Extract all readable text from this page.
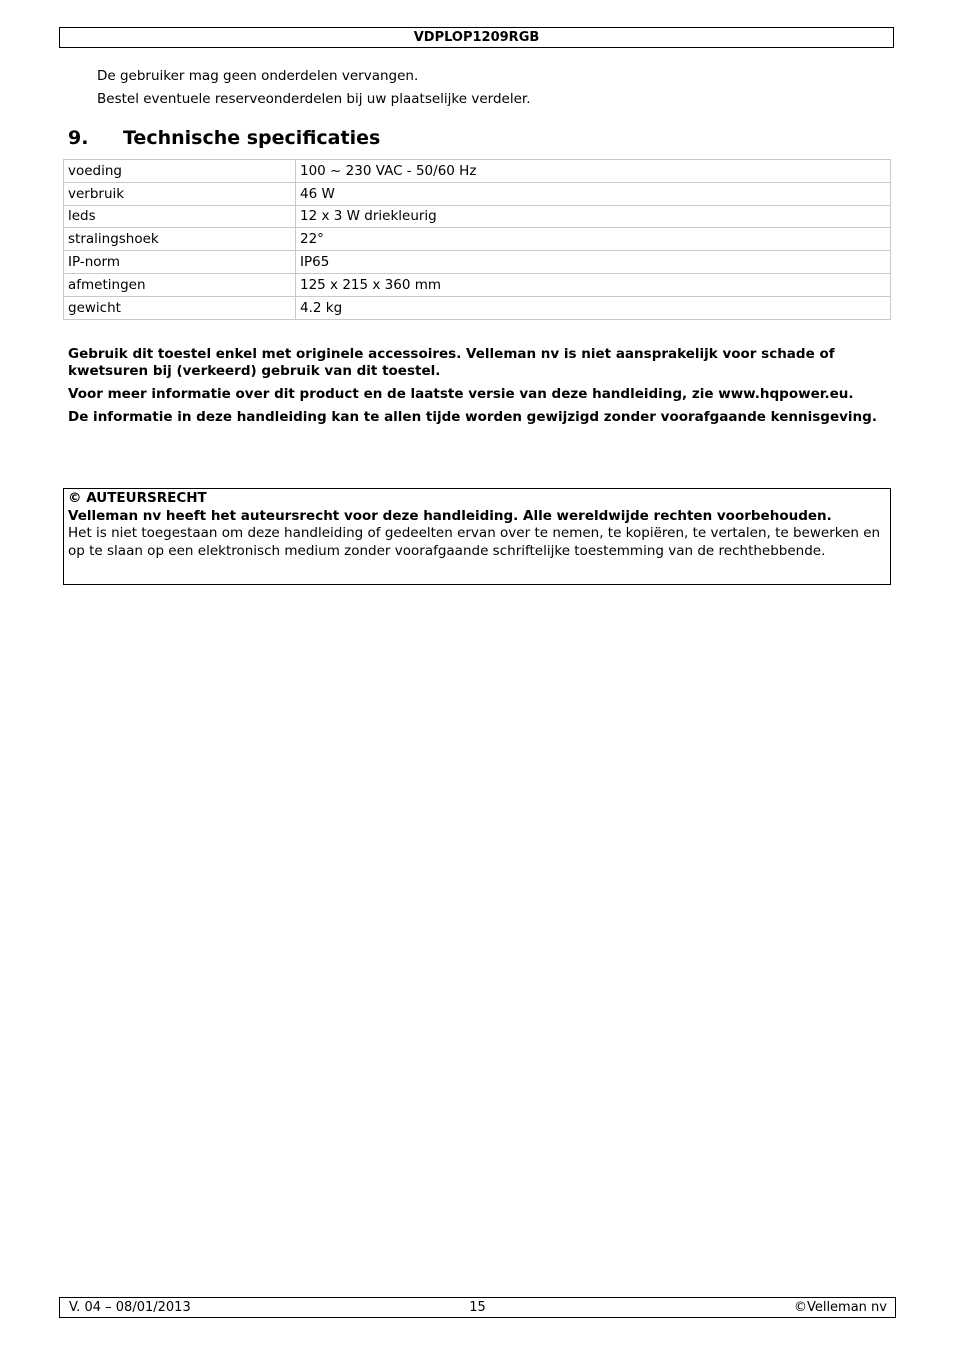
VDPLOP1209RGB
De gebruiker mag geen onderdelen vervangen.
Bestel eventuele reserveonderdelen bij uw plaatselijke verdeler.
9. Technische specificaties
voeding	100 ~ 230 VAC - 50/60 Hz
verbruik	46 W
leds	12 x 3 W driekleurig
stralingshoek	22°
IP-norm	IP65
afmetingen	125 x 215 x 360 mm
gewicht	4.2 kg

Gebruik dit toestel enkel met originele accessoires. Velleman nv is niet aansprakelijk voor schade of kwetsuren bij (verkeerd) gebruik van dit toestel.

Voor meer informatie over dit product en de laatste versie van deze handleiding, zie www.hqpower.eu.

De informatie in deze handleiding kan te allen tijde worden gewijzigd zonder voorafgaande kennisgeving.

© AUTEURSRECHT
Velleman nv heeft het auteursrecht voor deze handleiding. Alle wereldwijde rechten voorbehouden.
Het is niet toegestaan om deze handleiding of gedeelten ervan over te nemen, te kopiëren, te vertalen, te bewerken en op te slaan op een elektronisch medium zonder voorafgaande schriftelijke toestemming van de rechthebbende.
V. 04 – 08/01/2013	15	©Velleman nv
